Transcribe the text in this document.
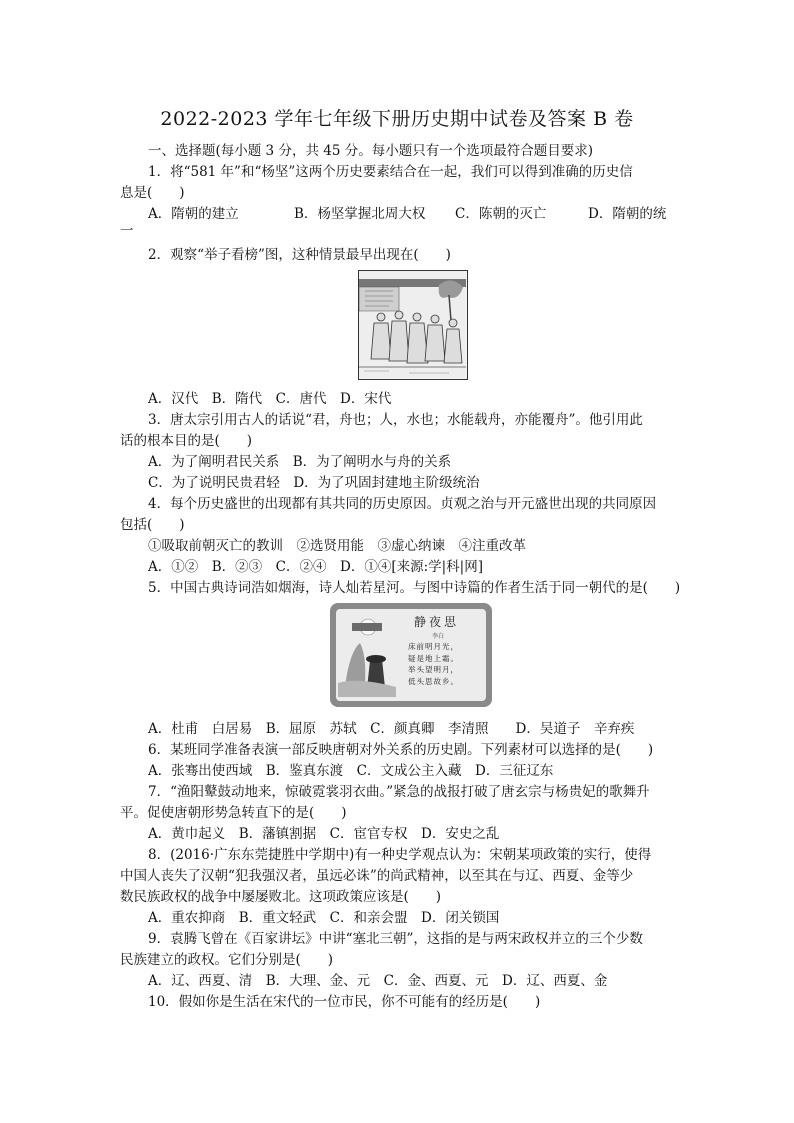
2022-2023 学年七年级下册历史期中试卷及答案 B 卷
一、选择题(每小题 3 分，共 45 分。每小题只有一个选项最符合题目要求)
1．将“581 年”和“杨坚”这两个历史要素结合在一起，我们可以得到准确的历史信
息是(　　)
A．隋朝的建立	B．杨坚掌握北周大权 C．陈朝的灭亡	D．隋朝的统
一
2．观察“举子看榜”图，这种情景最早出现在(　　)
A．汉代　B．隋代　C．唐代　D．宋代
3．唐太宗引用古人的话说“君，舟也；人，水也；水能载舟，亦能覆舟”。他引用此
话的根本目的是(　　)
A．为了阐明君民关系　B．为了阐明水与舟的关系
C．为了说明民贵君轻　D．为了巩固封建地主阶级统治
4．每个历史盛世的出现都有其共同的历史原因。贞观之治与开元盛世出现的共同原因
包括(　　)
①吸取前朝灭亡的教训　②选贤用能　③虚心纳谏　④注重改革
A．①②　B．②③　C．②④　D．①④[来源:学|科|网]
5．中国古典诗词浩如烟海，诗人灿若星河。与图中诗篇的作者生活于同一朝代的是(　　)
静夜思
李白
床前明月光，
疑是地上霜。
举头望明月，
低头思故乡。
A．杜甫　白居易　B．屈原　苏轼　C．颜真卿　李清照　　D．吴道子　辛弃疾
6．某班同学准备表演一部反映唐朝对外关系的历史剧。下列素材可以选择的是(　　)
A．张骞出使西域　B．鉴真东渡　C．文成公主入藏　D．三征辽东
7．“渔阳鼙鼓动地来，惊破霓裳羽衣曲。”紧急的战报打破了唐玄宗与杨贵妃的歌舞升
平。促使唐朝形势急转直下的是(　　)
A．黄巾起义　B．藩镇割据　C．宦官专权　D．安史之乱
8．(2016·广东东莞捷胜中学期中)有一种史学观点认为：宋朝某项政策的实行，使得
中国人丧失了汉朝“犯我强汉者，虽远必诛”的尚武精神，以至其在与辽、西夏、金等少
数民族政权的战争中屡屡败北。这项政策应该是(　　)
A．重农抑商　B．重文轻武　C．和亲会盟　D．闭关锁国
9．袁腾飞曾在《百家讲坛》中讲“塞北三朝”，这指的是与两宋政权并立的三个少数
民族建立的政权。它们分别是(　　)
A．辽、西夏、清　B．大理、金、元　C．金、西夏、元　D．辽、西夏、金
10．假如你是生活在宋代的一位市民，你不可能有的经历是(　　)
